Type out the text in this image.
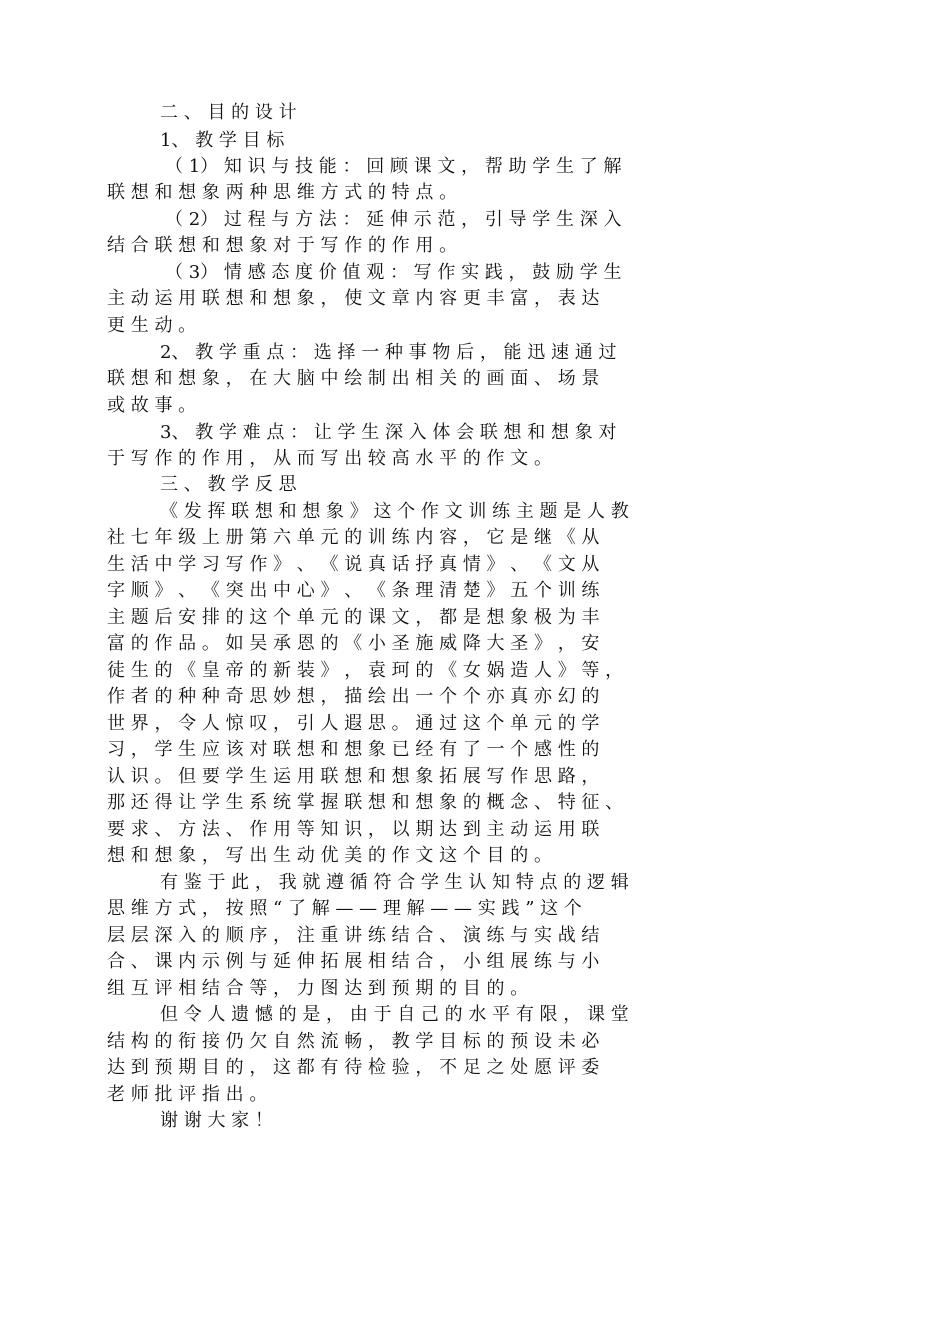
二 、 目 的 设 计
1、 教 学 目 标
（ 1） 知 识 与 技 能 ： 回 顾 课 文 ， 帮 助 学 生 了 解
联 想 和 想 象 两 种 思 维 方 式 的 特 点 。
（ 2） 过 程 与 方 法 ： 延 伸 示 范 ， 引 导 学 生 深 入
结 合 联 想 和 想 象 对 于 写 作 的 作 用 。
（ 3） 情 感 态 度 价 值 观 ： 写 作 实 践 ， 鼓 励 学 生
主 动 运 用 联 想 和 想 象 ， 使 文 章 内 容 更 丰 富 ， 表 达
更 生 动 。
2、 教 学 重 点 ： 选 择 一 种 事 物 后 ， 能 迅 速 通 过
联 想 和 想 象 ， 在 大 脑 中 绘 制 出 相 关 的 画 面 、 场 景
或 故 事 。
3、 教 学 难 点 ： 让 学 生 深 入 体 会 联 想 和 想 象 对
于 写 作 的 作 用 ， 从 而 写 出 较 高 水 平 的 作 文 。
三 、 教 学 反 思
《 发 挥 联 想 和 想 象 》 这 个 作 文 训 练 主 题 是 人 教
社 七 年 级 上 册 第 六 单 元 的 训 练 内 容 ， 它 是 继 《 从
生 活 中 学 习 写 作 》 、 《 说 真 话 抒 真 情 》 、 《 文 从
字 顺 》 、 《 突 出 中 心 》 、 《 条 理 清 楚 》 五 个 训 练
主 题 后 安 排 的 这 个 单 元 的 课 文 ， 都 是 想 象 极 为 丰
富 的 作 品 。 如 吴 承 恩 的 《 小 圣 施 威 降 大 圣 》 ， 安
徒 生 的 《 皇 帝 的 新 装 》 ， 袁 珂 的 《 女 娲 造 人 》 等 ，
作 者 的 种 种 奇 思 妙 想 ， 描 绘 出 一 个 个 亦 真 亦 幻 的
世 界 ， 令 人 惊 叹 ， 引 人 遐 思 。 通 过 这 个 单 元 的 学
习 ， 学 生 应 该 对 联 想 和 想 象 已 经 有 了 一 个 感 性 的
认 识 。 但 要 学 生 运 用 联 想 和 想 象 拓 展 写 作 思 路 ，
那 还 得 让 学 生 系 统 掌 握 联 想 和 想 象 的 概 念 、 特 征 、
要 求 、 方 法 、 作 用 等 知 识 ， 以 期 达 到 主 动 运 用 联
想 和 想 象 ， 写 出 生 动 优 美 的 作 文 这 个 目 的 。
有 鉴 于 此 ， 我 就 遵 循 符 合 学 生 认 知 特 点 的 逻 辑
思 维 方 式 ， 按 照 “ 了 解 — — 理 解 — — 实 践 ” 这 个
层 层 深 入 的 顺 序 ， 注 重 讲 练 结 合 、 演 练 与 实 战 结
合 、 课 内 示 例 与 延 伸 拓 展 相 结 合 ， 小 组 展 练 与 小
组 互 评 相 结 合 等 ， 力 图 达 到 预 期 的 目 的 。
但 令 人 遗 憾 的 是 ， 由 于 自 己 的 水 平 有 限 ， 课 堂
结 构 的 衔 接 仍 欠 自 然 流 畅 ， 教 学 目 标 的 预 设 未 必
达 到 预 期 目 的 ， 这 都 有 待 检 验 ， 不 足 之 处 愿 评 委
老 师 批 评 指 出 。
谢 谢 大 家 ！
